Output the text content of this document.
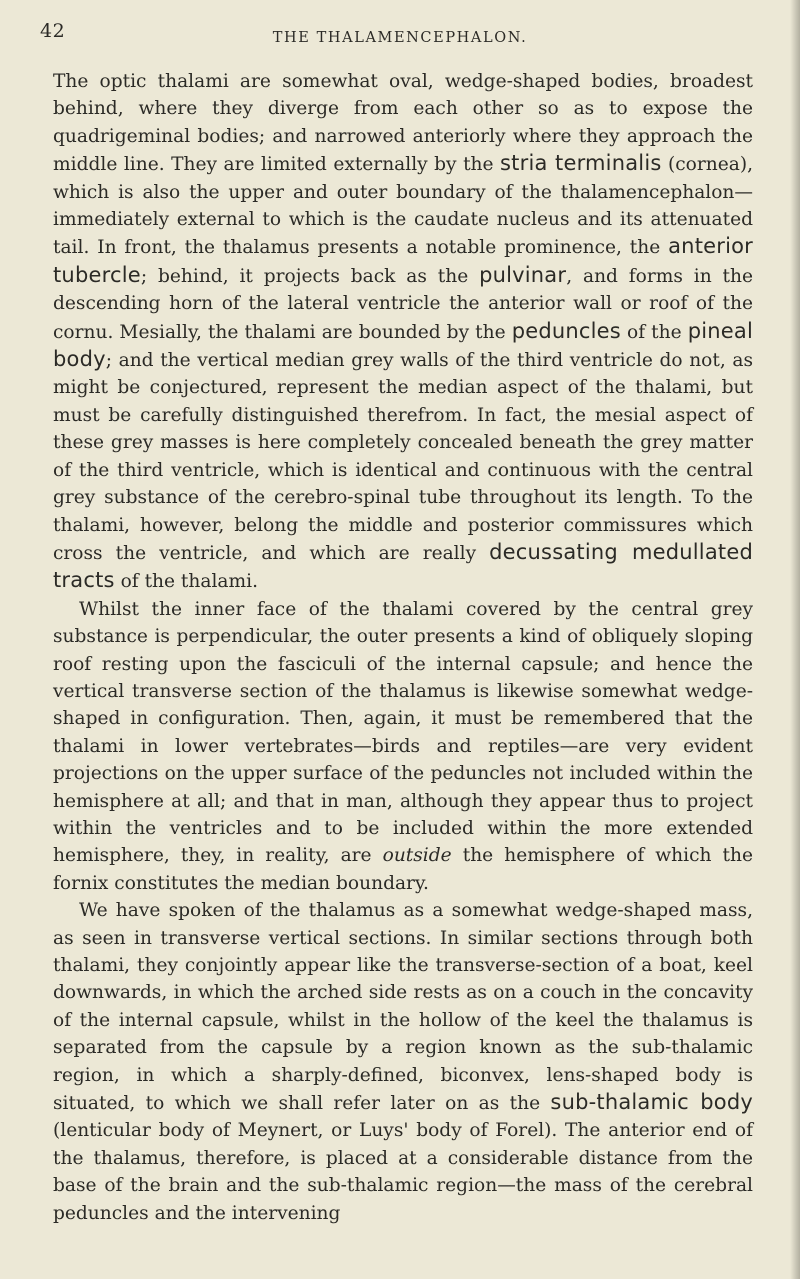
42	THE THALAMENCEPHALON.

The optic thalami are somewhat oval, wedge-shaped bodies, broadest behind, where they diverge from each other so as to expose the quadrigeminal bodies; and narrowed anteriorly where they approach the middle line. They are limited externally by the stria terminalis (cornea), which is also the upper and outer boundary of the thalamencephalon—immediately external to which is the caudate nucleus and its attenuated tail. In front, the thalamus presents a notable prominence, the anterior tubercle; behind, it projects back as the pulvinar, and forms in the descending horn of the lateral ventricle the anterior wall or roof of the cornu. Mesially, the thalami are bounded by the peduncles of the pineal body; and the vertical median grey walls of the third ventricle do not, as might be conjectured, represent the median aspect of the thalami, but must be carefully distinguished therefrom. In fact, the mesial aspect of these grey masses is here completely concealed beneath the grey matter of the third ventricle, which is identical and continuous with the central grey substance of the cerebro-spinal tube throughout its length. To the thalami, however, belong the middle and posterior commissures which cross the ventricle, and which are really decussating medullated tracts of the thalami.

Whilst the inner face of the thalami covered by the central grey substance is perpendicular, the outer presents a kind of obliquely sloping roof resting upon the fasciculi of the internal capsule; and hence the vertical transverse section of the thalamus is likewise somewhat wedge-shaped in configuration. Then, again, it must be remembered that the thalami in lower vertebrates—birds and reptiles—are very evident projections on the upper surface of the peduncles not included within the hemisphere at all; and that in man, although they appear thus to project within the ventricles and to be included within the more extended hemisphere, they, in reality, are outside the hemisphere of which the fornix constitutes the median boundary.

We have spoken of the thalamus as a somewhat wedge-shaped mass, as seen in transverse vertical sections. In similar sections through both thalami, they conjointly appear like the transverse-section of a boat, keel downwards, in which the arched side rests as on a couch in the concavity of the internal capsule, whilst in the hollow of the keel the thalamus is separated from the capsule by a region known as the sub-thalamic region, in which a sharply-defined, biconvex, lens-shaped body is situated, to which we shall refer later on as the sub-thalamic body (lenticular body of Meynert, or Luys' body of Forel). The anterior end of the thalamus, therefore, is placed at a considerable distance from the base of the brain and the sub-thalamic region—the mass of the cerebral peduncles and the intervening
